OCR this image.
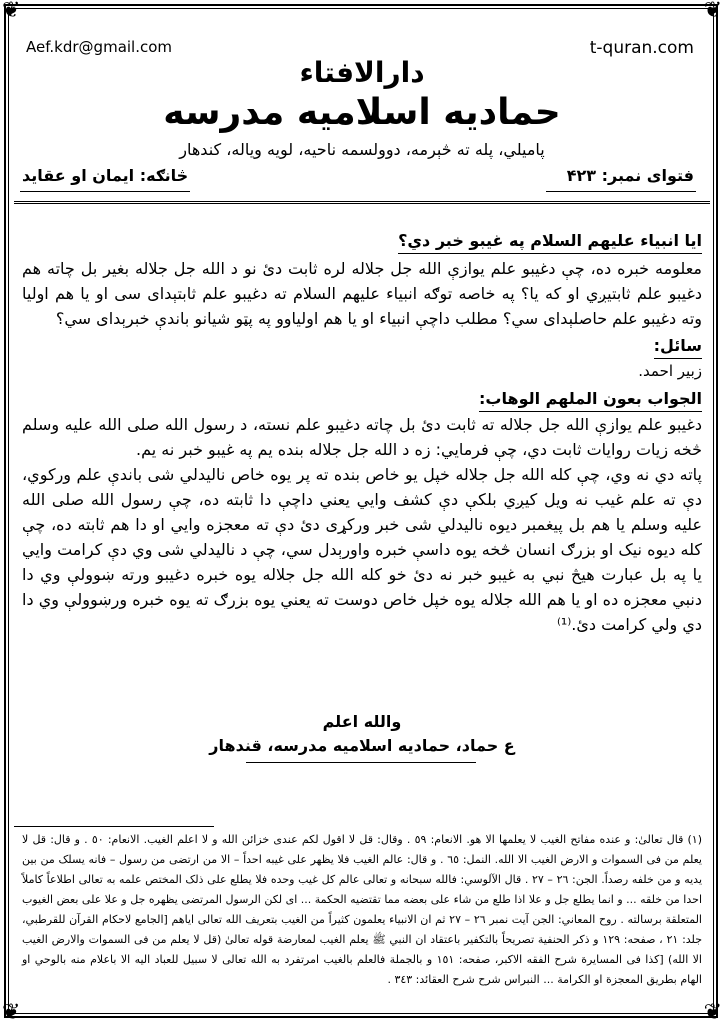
❦	❦
❦	❦
Aef.kdr@gmail.com	t-quran.com
دارالافتاء
حماديه اسلاميه مدرسه
پاميلي، پله ته څېرمه، دوولسمه ناحيه، لويه وياله، کندهار
فتوای نمبر: ۴۲۳
څانګه: ايمان او عقايد
ايا انبياء عليهم السلام په غيبو خبر دي؟

معلومه خبره ده، چې دغيبو علم يوازې الله جل جلاله لره ثابت دئ نو د الله جل جلاله بغير بل چاته هم دغيبو علم ثابتيږي او که يا؟ په خاصه توګه انبياء عليهم السلام ته دغيبو علم ثابتېدای سی او يا هم اوليا وته دغيبو علم حاصلېدای سي؟ مطلب داچې انبياء او يا هم اولياوو په پټو شيانو باندې خبرېدای سي؟

سائل:

زبير احمد.

الجواب بعون الملهم الوهاب:

دغيبو علم يوازې الله جل جلاله ته ثابت دئ بل چاته دغيبو علم نسته، د رسول الله صلی الله عليه وسلم څخه زيات روايات ثابت دي، چې فرمايي: زه د الله جل جلاله بنده يم په غيبو خبر نه يم.

پاته دي نه وي، چې کله الله جل جلاله خپل يو خاص بنده ته پر يوه خاص ناليدلي شی باندې علم ورکوي، دې ته علم غيب نه ويل کيږي بلکې دې کشف وايي يعني داچې دا ثابته ده، چې رسول الله صلی الله عليه وسلم يا هم بل پيغمبر ديوه ناليدلي شی خبر ورکړی دئ دې ته معجزه وايي او دا هم ثابته ده، چې کله ديوه نيک او بزرګ انسان څخه يوه داسې خبره واورېدل سي، چې د ناليدلي شی وي دې کرامت وايي يا په بل عبارت هيڅ نبي به غيبو خبر نه دئ خو کله الله جل جلاله يوه خبره دغيبو ورته ښوولې وي دا دنبي معجزه ده او يا هم الله جلاله يوه خپل خاص دوست ته يعني يوه بزرګ ته يوه خبره ورښوولې وي دا دي ولي کرامت دئ.⁽¹⁾

والله اعلم
ع حماد، حماديه اسلاميه مدرسه، قندهار
(١) قال تعالیٰ: و عنده مفاتح الغيب لا يعلمها الا هو. الانعام: ٥٩ . وقال: قل لا اقول لکم عندی خزائن الله و لا اعلم الغيب. الانعام: ٥٠ . و قال: قل لا يعلم من فی السموات و الارض الغيب الا الله. النمل: ٦٥ . و قال: عالم الغيب فلا يظهر علی غيبه احداً – الا من ارتضی من رسول – فانه يسلک من بين يديه و من خلفه رصداً. الجن: ٢٦ – ٢٧ . قال الآلوسي: فالله سبحانه و تعالی عالم کل غيب وحده فلا يطلع علی ذلک المختص علمه به تعالی اطلاعاً کاملاً احدا من خلقه ... و انما يطلع جل و علا اذا طلع من شاء علی بعضه مما تقتضيه الحکمة ... ای لکن الرسول المرتضی يظهره جل و علا علی بعض الغيوب المتعلقة برسالته . روح المعاني: الجن آيت نمبر ٢٦ – ٢٧ ثم ان الانبياء يعلمون کثيراً من الغيب بتعريف الله تعالی اياهم [الجامع لاحکام القرآن للقرطبي، جلد: ٢١ ، صفحه: ١٢٩ و ذکر الحنفية تصريحاً بالتکفير باعتقاد ان النبي ﷺ يعلم الغيب لمعارضة قوله تعالیٰ (قل لا يعلم من فی السموات والارض الغيب الا الله) [کذا فی المسايرة شرح الفقه الاکبر، صفحه: ١٥١ و بالجملة فالعلم بالغيب امرتفرد به الله تعالی لا سبيل للعباد اليه الا باعلام منه بالوحي او الهام بطريق المعجزة او الکرامة ... النبراس شرح شرح العقائد: ٣٤٣ .
